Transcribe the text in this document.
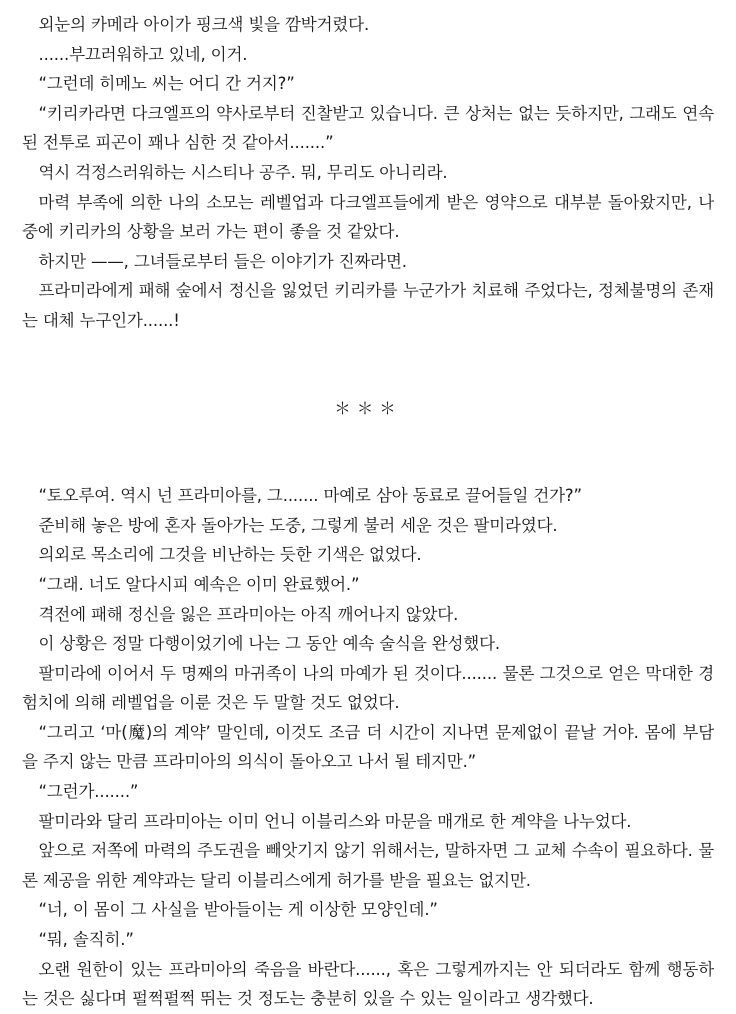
외눈의 카메라 아이가 핑크색 빛을 깜박거렸다.

......부끄러워하고 있네, 이거.

“그런데 히메노 씨는 어디 간 거지?”

“키리카라면 다크엘프의 약사로부터 진찰받고 있습니다. 큰 상처는 없는 듯하지만, 그래도 연속된 전투로 피곤이 꽤나 심한 것 같아서.......”

역시 걱정스러워하는 시스티나 공주. 뭐, 무리도 아니리라.

마력 부족에 의한 나의 소모는 레벨업과 다크엘프들에게 받은 영약으로 대부분 돌아왔지만, 나중에 키리카의 상황을 보러 가는 편이 좋을 것 같았다.

하지만 ——, 그녀들로부터 들은 이야기가 진짜라면.

프라미라에게 패해 숲에서 정신을 잃었던 키리카를 누군가가 치료해 주었다는, 정체불명의 존재는 대체 누구인가......!

＊＊＊

“토오루여. 역시 넌 프라미아를, 그....... 마예로 삼아 동료로 끌어들일 건가?”

준비해 놓은 방에 혼자 돌아가는 도중, 그렇게 불러 세운 것은 팔미라였다.

의외로 목소리에 그것을 비난하는 듯한 기색은 없었다.

“그래. 너도 알다시피 예속은 이미 완료했어.”

격전에 패해 정신을 잃은 프라미아는 아직 깨어나지 않았다.

이 상황은 정말 다행이었기에 나는 그 동안 예속 술식을 완성했다.

팔미라에 이어서 두 명째의 마귀족이 나의 마예가 된 것이다....... 물론 그것으로 얻은 막대한 경험치에 의해 레벨업을 이룬 것은 두 말할 것도 없었다.

“그리고 ‘마(魔)의 계약’ 말인데, 이것도 조금 더 시간이 지나면 문제없이 끝날 거야. 몸에 부담을 주지 않는 만큼 프라미아의 의식이 돌아오고 나서 될 테지만.”

“그런가.......”

팔미라와 달리 프라미아는 이미 언니 이블리스와 마문을 매개로 한 계약을 나누었다.

앞으로 저쪽에 마력의 주도권을 빼앗기지 않기 위해서는, 말하자면 그 교체 수속이 필요하다. 물론 제공을 위한 계약과는 달리 이블리스에게 허가를 받을 필요는 없지만.

“너, 이 몸이 그 사실을 받아들이는 게 이상한 모양인데.”

“뭐, 솔직히.”

오랜 원한이 있는 프라미아의 죽음을 바란다......, 혹은 그렇게까지는 안 되더라도 함께 행동하는 것은 싫다며 펄쩍펄쩍 뛰는 것 정도는 충분히 있을 수 있는 일이라고 생각했다.
